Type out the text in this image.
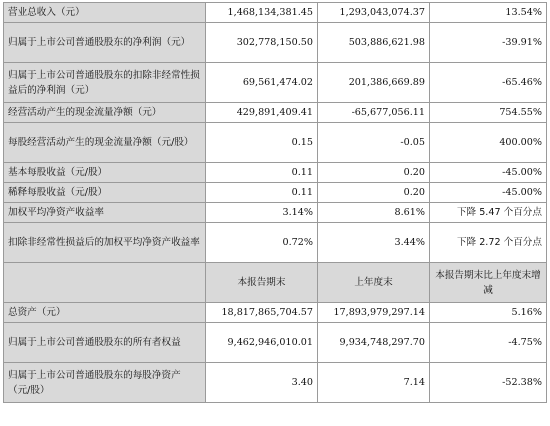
营业总收入（元）	1,468,134,381.45	1,293,043,074.37	13.54%
归属于上市公司普通股股东的净利润（元）	302,778,150.50	503,886,621.98	-39.91%
归属于上市公司普通股股东的扣除非经常性损益后的净利润（元）	69,561,474.02	201,386,669.89	-65.46%
经营活动产生的现金流量净额（元）	429,891,409.41	-65,677,056.11	754.55%
每股经营活动产生的现金流量净额（元/股）	0.15	-0.05	400.00%
基本每股收益（元/股）	0.11	0.20	-45.00%
稀释每股收益（元/股）	0.11	0.20	-45.00%
加权平均净资产收益率	3.14%	8.61%	下降 5.47 个百分点
扣除非经常性损益后的加权平均净资产收益率	0.72%	3.44%	下降 2.72 个百分点
	本报告期末	上年度末	本报告期末比上年度末增减
总资产（元）	18,817,865,704.57	17,893,979,297.14	5.16%
归属于上市公司普通股股东的所有者权益	9,462,946,010.01	9,934,748,297.70	-4.75%
归属于上市公司普通股股东的每股净资产（元/股）	3.40	7.14	-52.38%
